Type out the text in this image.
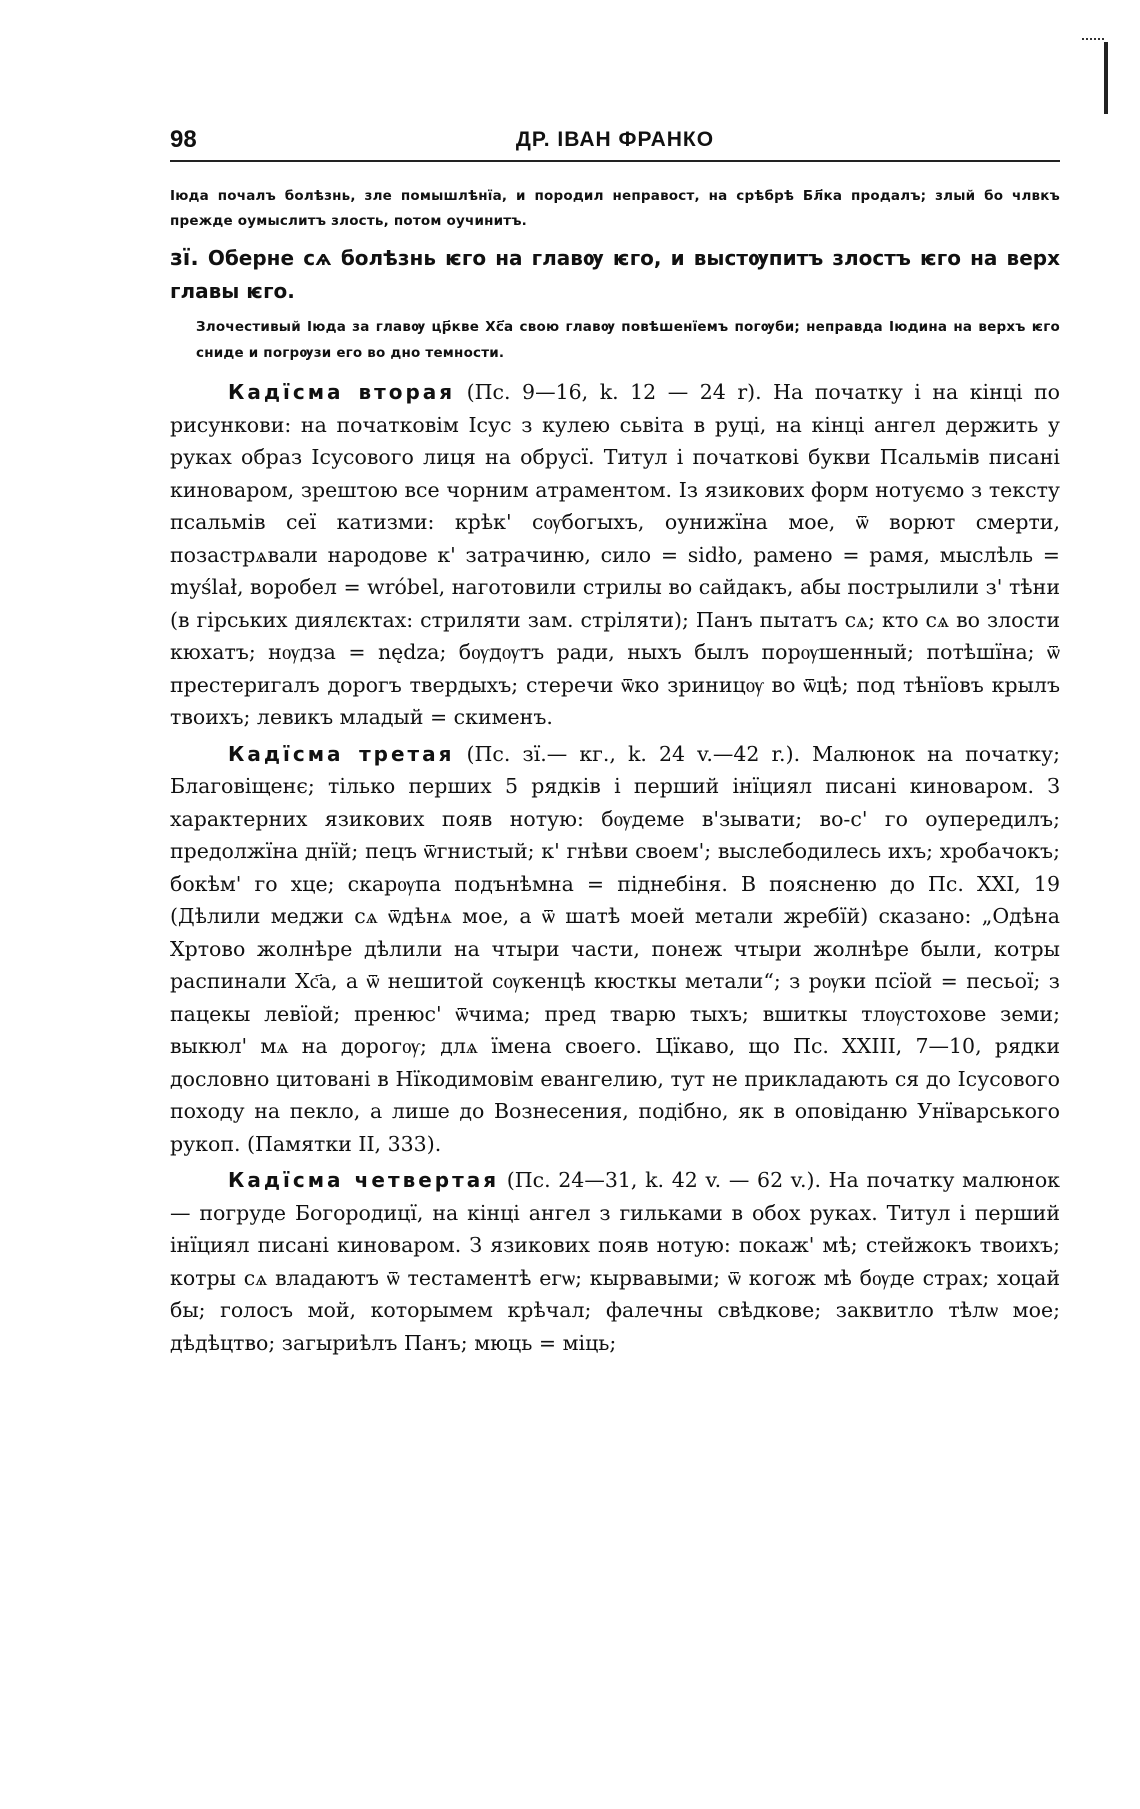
98	ДР. ІВАН ФРАНКО

Іюда почалъ болѣзнь, зле помышлѣнїа, и породил неправост, на срѣбрѣ Бл҃ка продалъ; злый бо члвкъ прежде оумыслитъ злость, потом оучинитъ.

зї. Обернe сѧ болѣзнь ѥго на главѹ ѥго, и выстѹпитъ злостъ ѥго на верх главы ѥго.

Злочестивый Іюда за главѹ цр҃кве Хс҃а свою главѹ повѣшенїемъ погѹби; неправда Іюдина на верхъ ѥго сниде и погрѹзи его во дно темности.

Кадїсма вторая (Пс. 9—16, k. 12 — 24 r). На початку і на кінці по рисункови: на початковім Ісус з кулею сьвіта в руці, на кінці ангел держить у руках образ Ісусового лиця на обрусї. Титул і початкові букви Псальмів писані киноваром, зрештою все чорним атраментом. Із язикових форм нотуємо з тексту псальмів сеї катизми: крѣк' сѹбогыхъ, оунижїна мое, ѿ ворют смерти, позастрѧвали народове к' затрачиню, сило = sidło, рамено = рамя, мыслѣль = myślał, воробел = wróbel, наготовили стрилы во сайдакъ, абы пострылили з' тѣни (в гірських диялєктах: стриляти зам. стріляти); Панъ пытатъ сѧ; кто сѧ во злости кюхатъ; нѹдза = nędza; бѹдѹтъ ради, ныхъ былъ порѹшенный; потѣшїна; ѿ престеригалъ дорогъ твердыхъ; стеречи ѿко зриницѹ во ѿцѣ; под тѣнїовъ крылъ твоихъ; левикъ младый = скименъ.

Кадїсма третая (Пс. зї.— кг., k. 24 v.—42 r.). Малюнок на початку; Благовіщенє; тілько перших 5 рядків і перший інїциял писані киноваром. З характерних язикових появ нотую: бѹдеме в'зывати; во-с' го оупередилъ; предолжїна днїй; пецъ ѿгнистый; к' гнѣви своем'; выслебодилесь ихъ; хробачокъ; бокѣм' го хце; скарѹпа подънѣмна = піднебіня. В поясненю до Пс. XXI, 19 (Дѣлили меджи сѧ ѿдѣнѧ мое, а ѿ шатѣ моей метали жребїй) сказано: „Одѣна Хртово жолнѣре дѣлили на чтыри части, понеж чтыри жолнѣре были, котры распинали Хс҃а, а ѿ нешитой сѹкенцѣ кюсткы метали“; з рѹки псїой = песьої; з пацекы левїой; пренюс' ѿчима; пред тварю тыхъ; вшиткы тлѹстохове земи; выкюл' мѧ на дорогѹ; длѧ їмена своего. Цїкаво, що Пс. XXIII, 7—10, рядки дословно цитовані в Нїкодимовім евангелию, тут не прикладають ся до Ісусового походу на пекло, а лише до Вознесения, подібно, як в оповіданю Унїварського рукоп. (Памятки II, 333).

Кадїсма четвертая (Пс. 24—31, k. 42 v. — 62 v.). На початку малюнок — погруде Богородицї, на кінці ангел з гильками в обох руках. Титул і перший інїциял писані киноваром. З язикових появ нотую: покаж' мѣ; стейжокъ твоихъ; котры сѧ владаютъ ѿ тестаментѣ егѡ; кырвавыми; ѿ когож мѣ бѹде страх; хоцай бы; голосъ мой, которымем крѣчал; фалечны свѣдкове; заквитло тѣлѡ мое; дѣдѣцтво; загыриѣлъ Панъ; мюць = міць;
